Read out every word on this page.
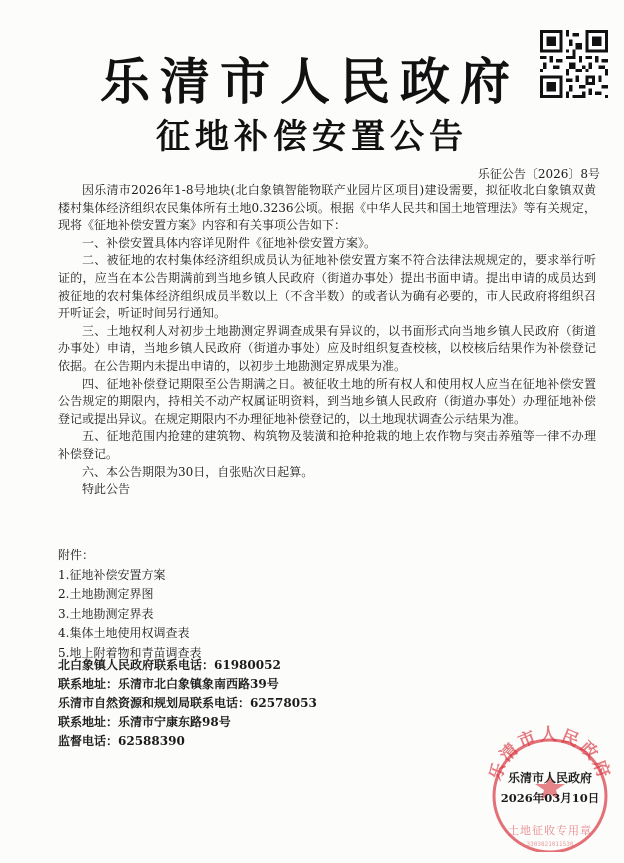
乐清市人民政府
征地补偿安置公告
乐征公告〔2026〕8号

因乐清市2026年1-8号地块(北白象镇智能物联产业园片区项目)建设需要，拟征收北白象镇双黄楼村集体经济组织农民集体所有土地0.3236公顷。根据《中华人民共和国土地管理法》等有关规定，现将《征地补偿安置方案》内容和有关事项公告如下：

一、补偿安置具体内容详见附件《征地补偿安置方案》。

二、被征地的农村集体经济组织成员认为征地补偿安置方案不符合法律法规规定的，要求举行听证的，应当在本公告期满前到当地乡镇人民政府（街道办事处）提出书面申请。提出申请的成员达到被征地的农村集体经济组织成员半数以上（不含半数）的或者认为确有必要的，市人民政府将组织召开听证会，听证时间另行通知。

三、土地权利人对初步土地勘测定界调查成果有异议的，以书面形式向当地乡镇人民政府（街道办事处）申请，当地乡镇人民政府（街道办事处）应及时组织复查校核，以校核后结果作为补偿登记依据。在公告期内未提出申请的，以初步土地勘测定界成果为准。

四、征地补偿登记期限至公告期满之日。被征收土地的所有权人和使用权人应当在征地补偿安置公告规定的期限内，持相关不动产权属证明资料，到当地乡镇人民政府（街道办事处）办理征地补偿登记或提出异议。在规定期限内不办理征地补偿登记的，以土地现状调查公示结果为准。

五、征地范围内抢建的建筑物、构筑物及装潢和抢种抢栽的地上农作物与突击养殖等一律不办理补偿登记。

六、本公告期限为30日，自张贴次日起算。

特此公告

附件：
1.征地补偿安置方案
2.土地勘测定界图
3.土地勘测定界表
4.集体土地使用权调查表
5.地上附着物和青苗调查表
北白象镇人民政府联系电话：61980052
联系地址：乐清市北白象镇象南西路39号
乐清市自然资源和规划局联系电话：62578053
联系地址：乐清市宁康东路98号
监督电话：62588390
乐清市人民政府
土地征收专用章
3303821011530
乐清市人民政府
2026年03月10日
